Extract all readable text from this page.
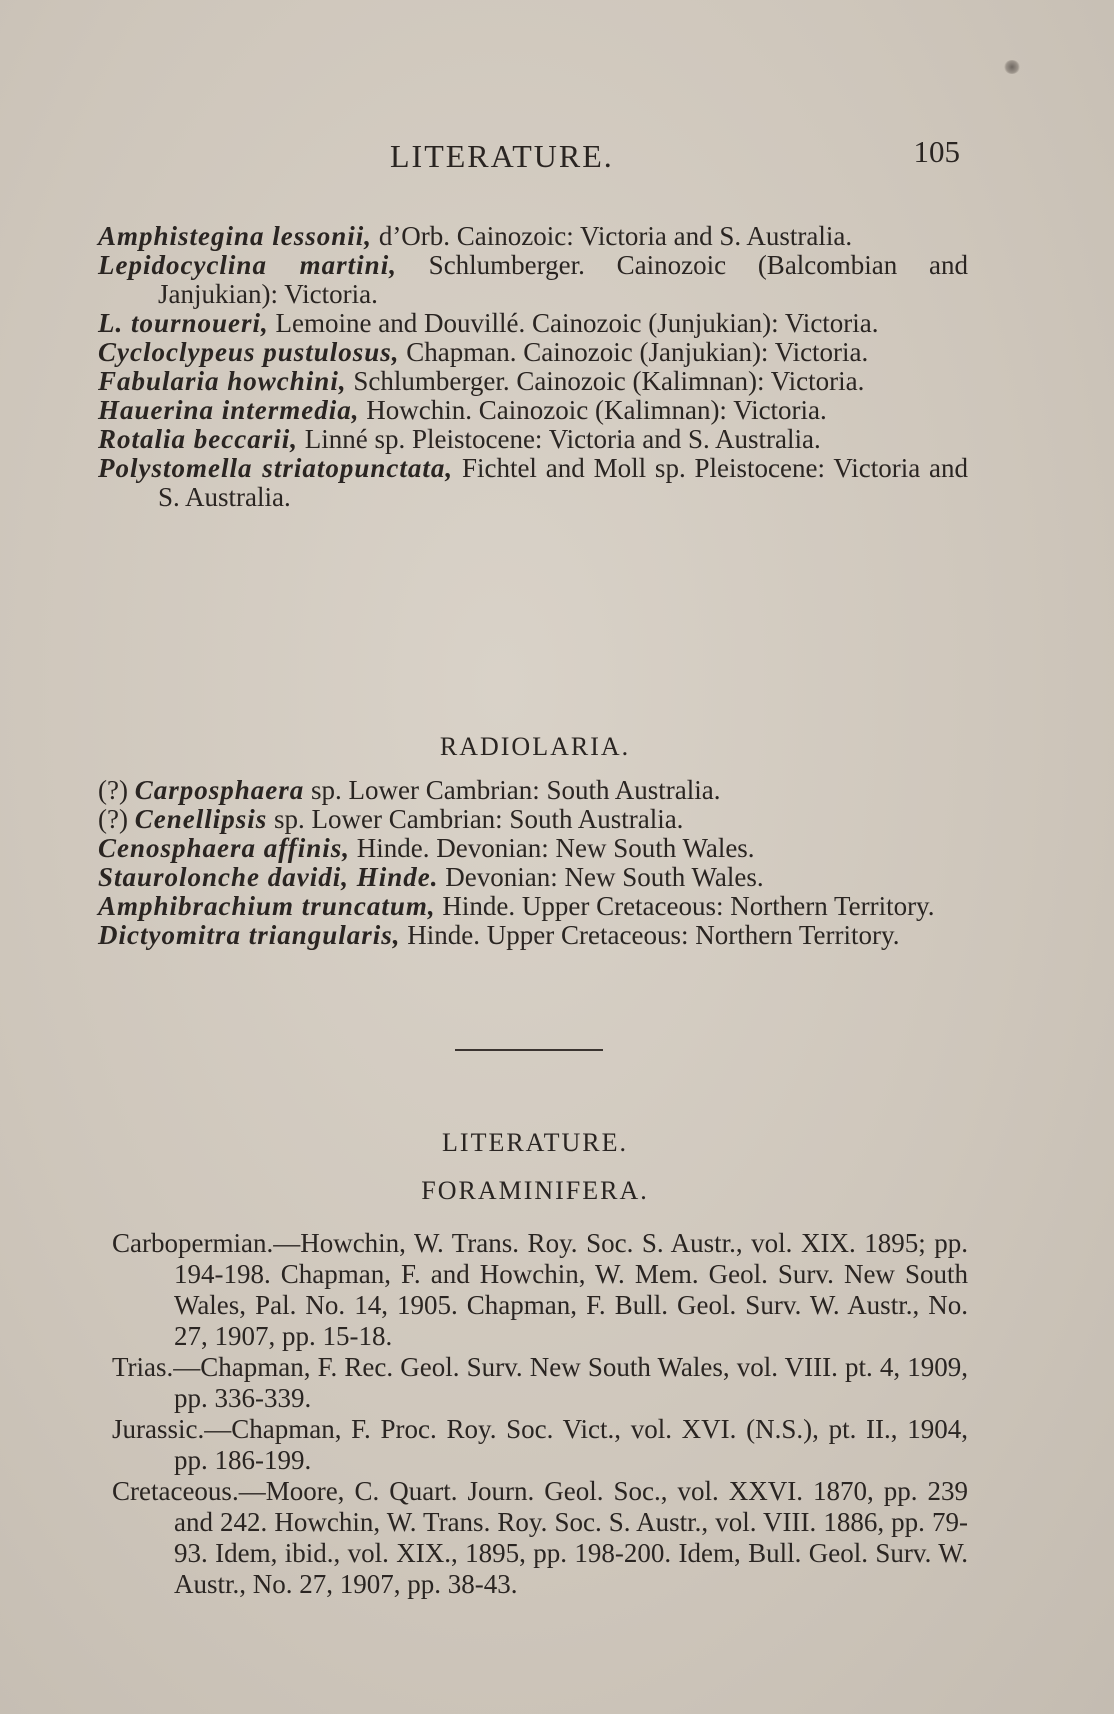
LITERATURE.	105

Amphistegina lessonii, d’Orb. Cainozoic: Victoria and S. Australia.

Lepidocyclina martini, Schlumberger. Cainozoic (Balcombian and Janjukian): Victoria.

L. tournoueri, Lemoine and Douvillé. Cainozoic (Junjukian): Victoria.

Cycloclypeus pustulosus, Chapman. Cainozoic (Janjukian): Victoria.

Fabularia howchini, Schlumberger. Cainozoic (Kalimnan): Victoria.

Hauerina intermedia, Howchin. Cainozoic (Kalimnan): Victoria.

Rotalia beccarii, Linné sp. Pleistocene: Victoria and S. Australia.

Polystomella striatopunctata, Fichtel and Moll sp. Pleistocene: Victoria and S. Australia.

RADIOLARIA.

(?) Carposphaera sp. Lower Cambrian: South Australia.

(?) Cenellipsis sp. Lower Cambrian: South Australia.

Cenosphaera affinis, Hinde. Devonian: New South Wales.

Staurolonche davidi, Hinde. Devonian: New South Wales.

Amphibrachium truncatum, Hinde. Upper Cretaceous: Northern Territory.

Dictyomitra triangularis, Hinde. Upper Cretaceous: Northern Territory.

LITERATURE.
FORAMINIFERA.

Carbopermian.—Howchin, W. Trans. Roy. Soc. S. Austr., vol. XIX. 1895; pp. 194-198. Chapman, F. and Howchin, W. Mem. Geol. Surv. New South Wales, Pal. No. 14, 1905. Chapman, F. Bull. Geol. Surv. W. Austr., No. 27, 1907, pp. 15-18.

Trias.—Chapman, F. Rec. Geol. Surv. New South Wales, vol. VIII. pt. 4, 1909, pp. 336-339.

Jurassic.—Chapman, F. Proc. Roy. Soc. Vict., vol. XVI. (N.S.), pt. II., 1904, pp. 186-199.

Cretaceous.—Moore, C. Quart. Journ. Geol. Soc., vol. XXVI. 1870, pp. 239 and 242. Howchin, W. Trans. Roy. Soc. S. Austr., vol. VIII. 1886, pp. 79-93. Idem, ibid., vol. XIX., 1895, pp. 198-200. Idem, Bull. Geol. Surv. W. Austr., No. 27, 1907, pp. 38-43.
